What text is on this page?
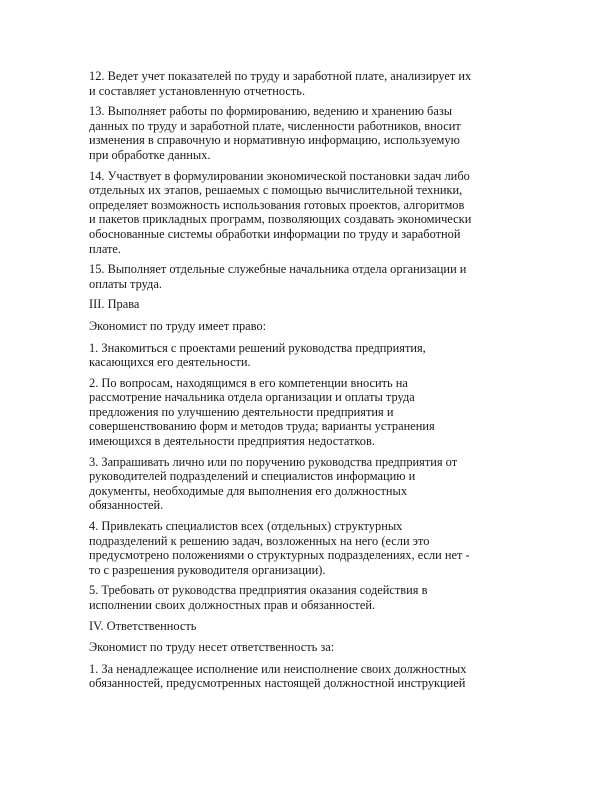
12. Ведет учет показателей по труду и заработной плате, анализирует их
и составляет установленную отчетность.
13. Выполняет работы по формированию, ведению и хранению базы
данных по труду и заработной плате, численности работников, вносит
изменения в справочную и нормативную информацию, используемую
при обработке данных.
14. Участвует в формулировании экономической постановки задач либо
отдельных их этапов, решаемых с помощью вычислительной техники,
определяет возможность использования готовых проектов, алгоритмов
и пакетов прикладных программ, позволяющих создавать экономически
обоснованные системы обработки информации по труду и заработной
плате.
15. Выполняет отдельные служебные начальника отдела организации и
оплаты труда.
III. Права
Экономист по труду имеет право:
1. Знакомиться с проектами решений руководства предприятия,
касающихся его деятельности.
2. По вопросам, находящимся в его компетенции вносить на
рассмотрение начальника отдела организации и оплаты труда
предложения по улучшению деятельности предприятия и
совершенствованию форм и методов труда; варианты устранения
имеющихся в деятельности предприятия недостатков.
3. Запрашивать лично или по поручению руководства предприятия от
руководителей подразделений и специалистов информацию и
документы, необходимые для выполнения его должностных
обязанностей.
4. Привлекать специалистов всех (отдельных) структурных
подразделений к решению задач, возложенных на него (если это
предусмотрено положениями о структурных подразделениях, если нет -
то с разрешения руководителя организации).
5. Требовать от руководства предприятия оказания содействия в
исполнении своих должностных прав и обязанностей.
IV. Ответственность
Экономист по труду несет ответственность за:
1. За ненадлежащее исполнение или неисполнение своих должностных
обязанностей, предусмотренных настоящей должностной инструкцией
